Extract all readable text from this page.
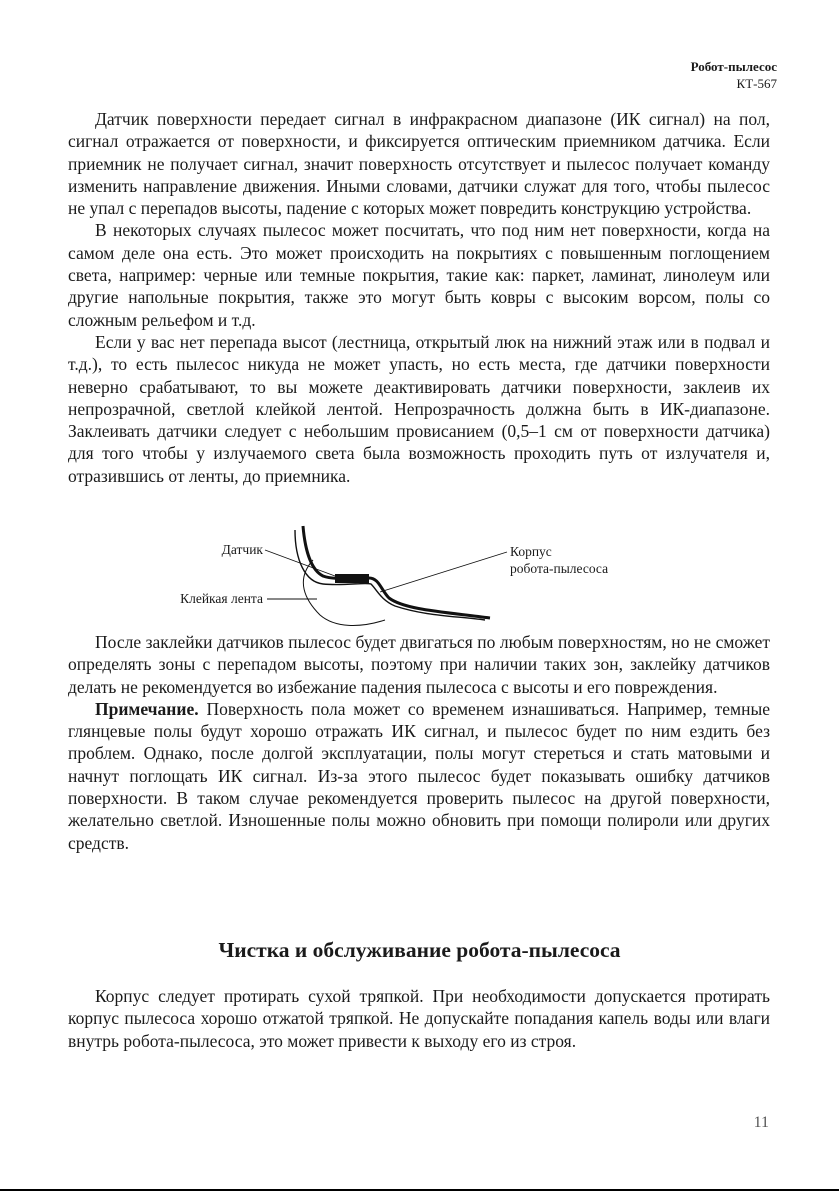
Робот-пылесос
КТ-567

Датчик поверхности передает сигнал в инфракрасном диапазоне (ИК сигнал) на пол, сигнал отражается от поверхности, и фиксируется оптическим приемником датчика. Если приемник не получает сигнал, значит поверхность отсутствует и пылесос получает команду изменить направление движения. Иными словами, датчики служат для того, чтобы пылесос не упал с перепадов высоты, падение с которых может повредить конструкцию устройства.

В некоторых случаях пылесос может посчитать, что под ним нет поверхности, когда на самом деле она есть. Это может происходить на покрытиях с повышенным поглощением света, например: черные или темные покрытия, такие как: паркет, ламинат, линолеум или другие напольные покрытия, также это могут быть ковры с высоким ворсом, полы со сложным рельефом и т.д.

Если у вас нет перепада высот (лестница, открытый люк на нижний этаж или в подвал и т.д.), то есть пылесос никуда не может упасть, но есть места, где датчики поверхности неверно срабатывают, то вы можете деактивировать датчики поверхности, заклеив их непрозрачной, светлой клейкой лентой. Непрозрачность должна быть в ИК-диапазоне. Заклеивать датчики следует с небольшим провисанием (0,5–1 см от поверхности датчика) для того чтобы у излучаемого света была возможность проходить путь от излучателя и, отразившись от ленты, до приемника.

Датчик
Клейкая лента
Корпус
робота-пылесоса

После заклейки датчиков пылесос будет двигаться по любым поверхностям, но не сможет определять зоны с перепадом высоты, поэтому при наличии таких зон, заклейку датчиков делать не рекомендуется во избежание падения пылесоса с высоты и его повреждения.

Примечание. Поверхность пола может со временем изнашиваться. Например, темные глянцевые полы будут хорошо отражать ИК сигнал, и пылесос будет по ним ездить без проблем. Однако, после долгой эксплуатации, полы могут стереться и стать матовыми и начнут поглощать ИК сигнал. Из-за этого пылесос будет показывать ошибку датчиков поверхности. В таком случае рекомендуется проверить пылесос на другой поверхности, желательно светлой. Изношенные полы можно обновить при помощи полироли или других средств.

Чистка и обслуживание робота-пылесоса

Корпус следует протирать сухой тряпкой. При необходимости допускается протирать корпус пылесоса хорошо отжатой тряпкой. Не допускайте попадания капель воды или влаги внутрь робота-пылесоса, это может привести к выходу его из строя.

11
